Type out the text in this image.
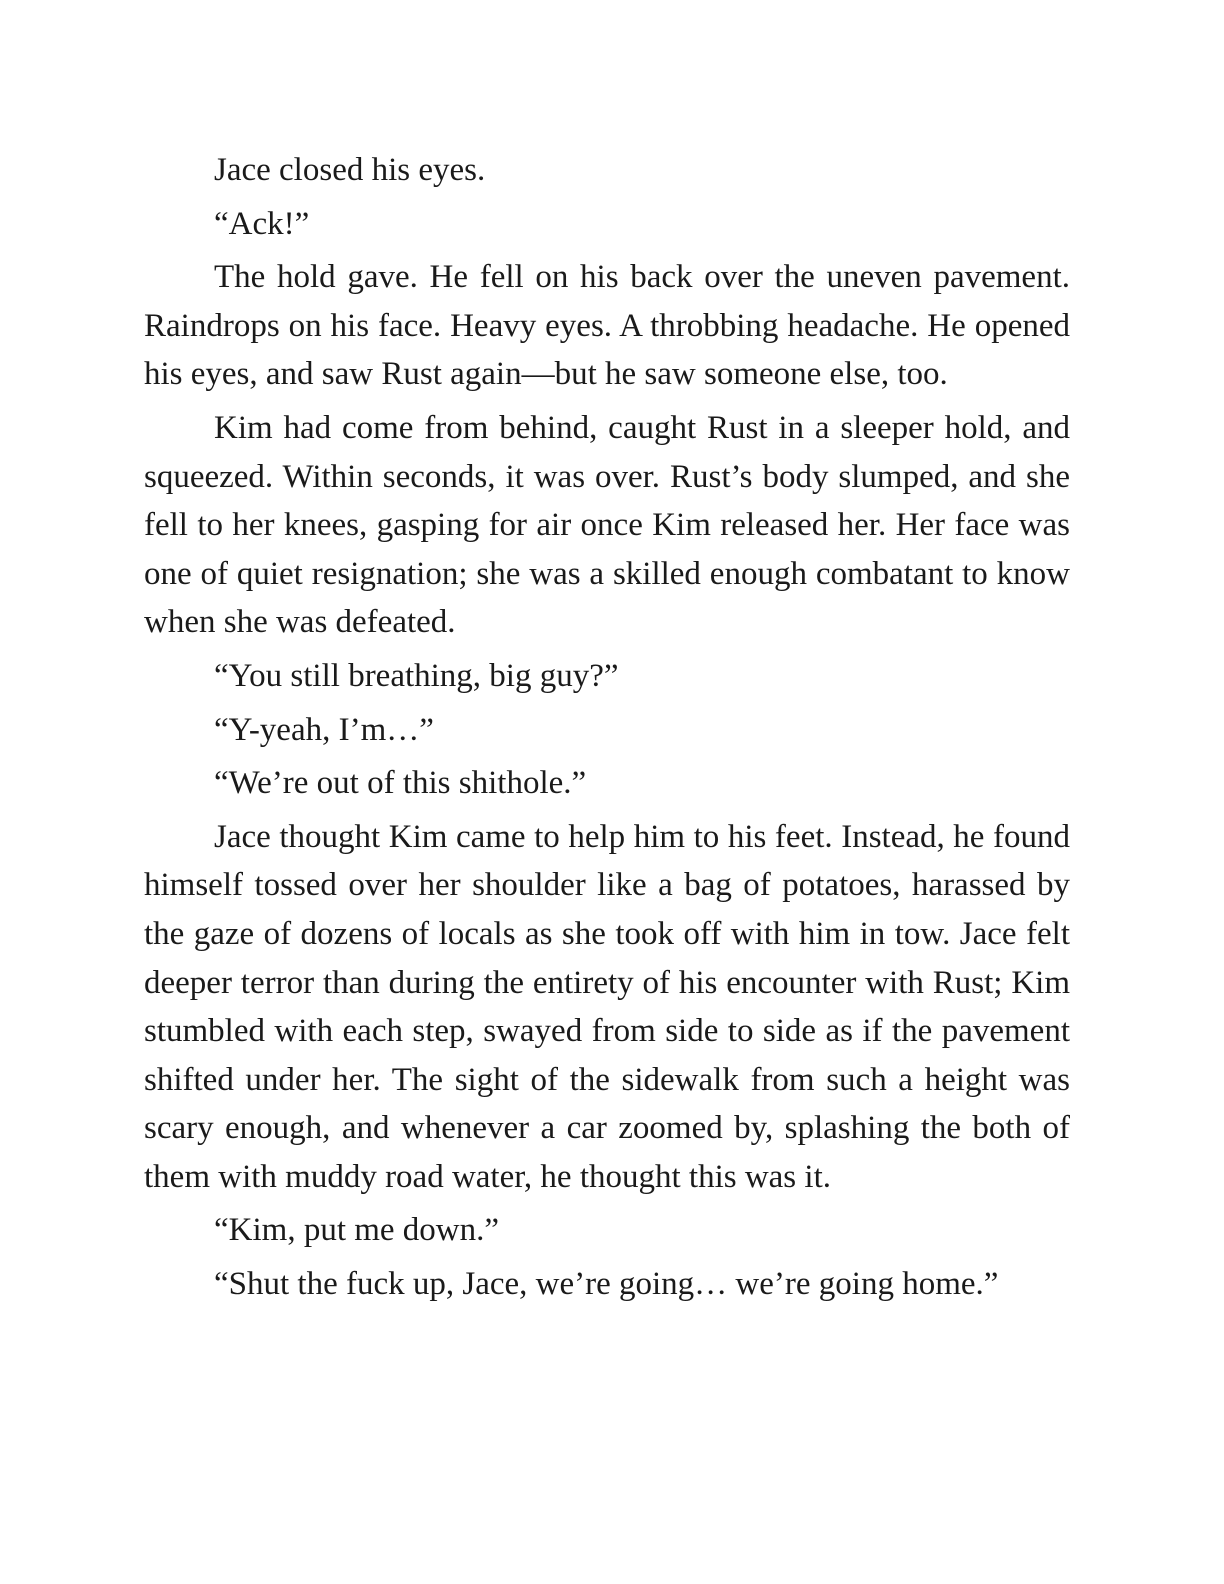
Jace closed his eyes.

“Ack!”

The hold gave. He fell on his back over the uneven pavement. Raindrops on his face. Heavy eyes. A throbbing headache. He opened his eyes, and saw Rust again—but he saw someone else, too.

Kim had come from behind, caught Rust in a sleeper hold, and squeezed. Within seconds, it was over. Rust’s body slumped, and she fell to her knees, gasping for air once Kim released her. Her face was one of quiet resignation; she was a skilled enough combatant to know when she was defeated.

“You still breathing, big guy?”

“Y-yeah, I’m…”

“We’re out of this shithole.”

Jace thought Kim came to help him to his feet. Instead, he found himself tossed over her shoulder like a bag of potatoes, harassed by the gaze of dozens of locals as she took off with him in tow. Jace felt deeper terror than during the entirety of his encounter with Rust; Kim stumbled with each step, swayed from side to side as if the pavement shifted under her. The sight of the sidewalk from such a height was scary enough, and whenever a car zoomed by, splashing the both of them with muddy road water, he thought this was it.

“Kim, put me down.”

“Shut the fuck up, Jace, we’re going… we’re going home.”
